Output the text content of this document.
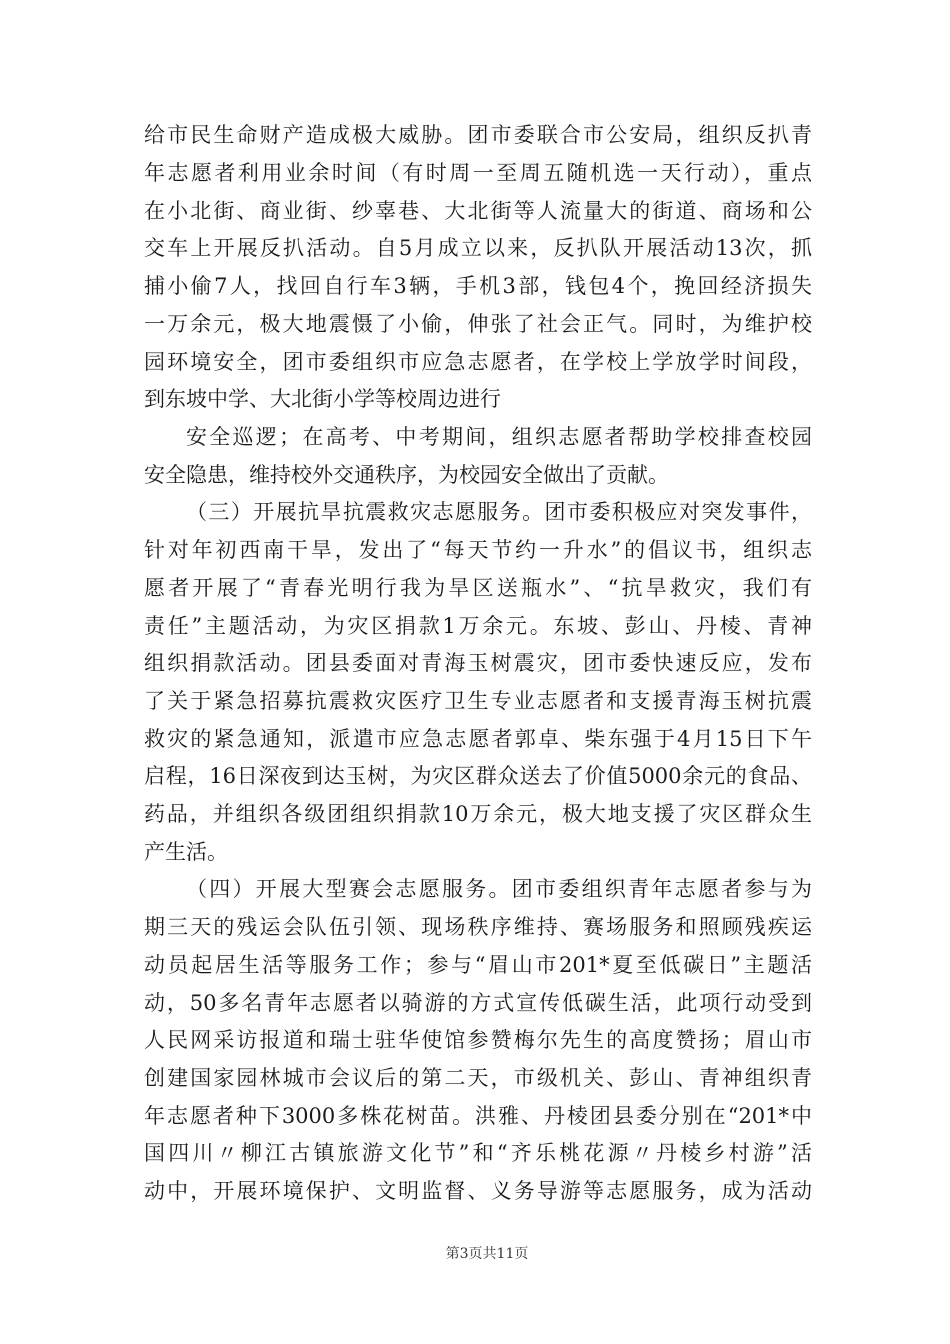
给市民生命财产造成极大威胁。团市委联合市公安局，组织反扒青
年志愿者利用业余时间（有时周一至周五随机选一天行动），重点
在小北街、商业街、纱辜巷、大北街等人流量大的街道、商场和公
交车上开展反扒活动。自5月成立以来，反扒队开展活动13次，抓
捕小偷7人，找回自行车3辆，手机3部，钱包4个，挽回经济损失
一万余元，极大地震慑了小偷，伸张了社会正气。同时，为维护校
园环境安全，团市委组织市应急志愿者，在学校上学放学时间段，
到东坡中学、大北街小学等校周边进行
安全巡逻；在高考、中考期间，组织志愿者帮助学校排查校园
安全隐患，维持校外交通秩序，为校园安全做出了贡献。
（三）开展抗旱抗震救灾志愿服务。团市委积极应对突发事件，
针对年初西南干旱，发出了“每天节约一升水”的倡议书，组织志
愿者开展了“青春光明行我为旱区送瓶水”、“抗旱救灾，我们有
责任”主题活动，为灾区捐款1万余元。东坡、彭山、丹棱、青神
组织捐款活动。团县委面对青海玉树震灾，团市委快速反应，发布
了关于紧急招募抗震救灾医疗卫生专业志愿者和支援青海玉树抗震
救灾的紧急通知，派遣市应急志愿者郭卓、柴东强于4月15日下午
启程，16日深夜到达玉树，为灾区群众送去了价值5000余元的食品、
药品，并组织各级团组织捐款10万余元，极大地支援了灾区群众生
产生活。
（四）开展大型赛会志愿服务。团市委组织青年志愿者参与为
期三天的残运会队伍引领、现场秩序维持、赛场服务和照顾残疾运
动员起居生活等服务工作；参与“眉山市201*夏至低碳日”主题活
动，50多名青年志愿者以骑游的方式宣传低碳生活，此项行动受到
人民网采访报道和瑞士驻华使馆参赞梅尔先生的高度赞扬；眉山市
创建国家园林城市会议后的第二天，市级机关、彭山、青神组织青
年志愿者种下3000多株花树苗。洪雅、丹棱团县委分别在“201*中
国四川〃柳江古镇旅游文化节”和“齐乐桃花源〃丹棱乡村游”活
动中，开展环境保护、文明监督、义务导游等志愿服务，成为活动
第3页共11页
